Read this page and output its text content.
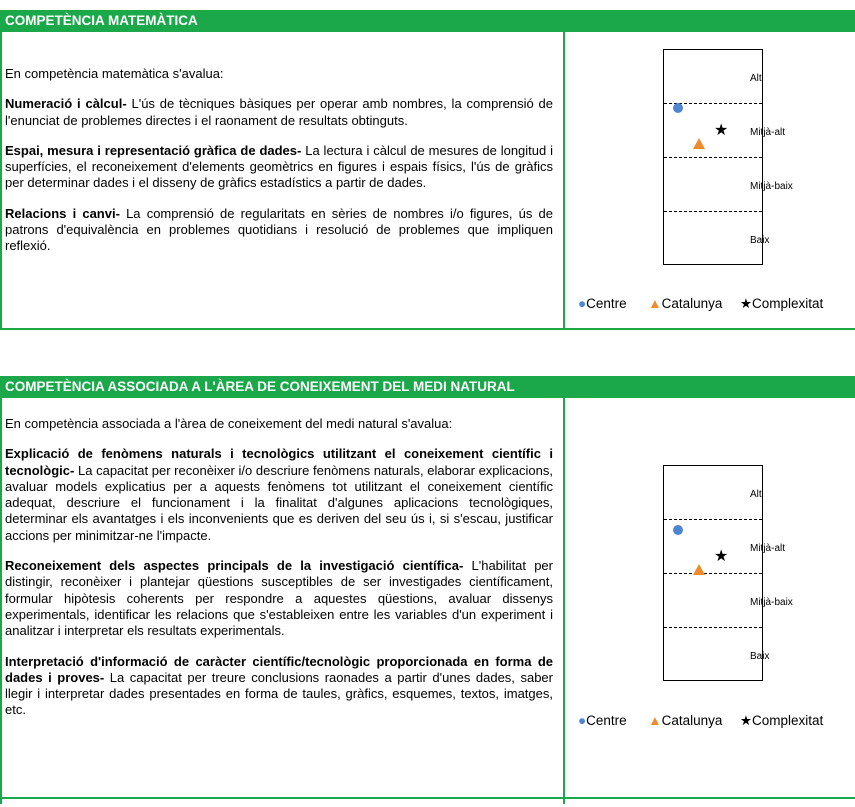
COMPETÈNCIA MATEMÀTICA

En competència matemàtica s'avalua:

Numeració i càlcul- L'ús de tècniques bàsiques per operar amb nombres, la comprensió de l'enunciat de problemes directes i el raonament de resultats obtinguts.

Espai, mesura i representació gràfica de dades- La lectura i càlcul de mesures de longitud i superfícies, el reconeixement d'elements geomètrics en figures i espais físics, l'ús de gràfics per determinar dades i el disseny de gràfics estadístics a partir de dades.

Relacions i canvi- La comprensió de regularitats en sèries de nombres i/o figures, ús de patrons d'equivalència en problemes quotidians i resolució de problemes que impliquen reflexió.

Alt
Mitjà-alt
Mitjà-baix
Baix
★
●Centre ▲Catalunya ★Complexitat
COMPETÈNCIA ASSOCIADA A L'ÀREA DE CONEIXEMENT DEL MEDI NATURAL

En competència associada a l'àrea de coneixement del medi natural s'avalua:

Explicació de fenòmens naturals i tecnològics utilitzant el coneixement científic i tecnològic- La capacitat per reconèixer i/o descriure fenòmens naturals, elaborar explicacions, avaluar models explicatius per a aquests fenòmens tot utilitzant el coneixement científic adequat, descriure el funcionament i la finalitat d'algunes aplicacions tecnològiques, determinar els avantatges i els inconvenients que es deriven del seu ús i, si s'escau, justificar accions per minimitzar-ne l'impacte.

Reconeixement dels aspectes principals de la investigació científica- L'habilitat per distingir, reconèixer i plantejar qüestions susceptibles de ser investigades científicament, formular hipòtesis coherents per respondre a aquestes qüestions, avaluar dissenys experimentals, identificar les relacions que s'estableixen entre les variables d'un experiment i analitzar i interpretar els resultats experimentals.

Interpretació d'informació de caràcter científic/tecnològic proporcionada en forma de dades i proves- La capacitat per treure conclusions raonades a partir d'unes dades, saber llegir i interpretar dades presentades en forma de taules, gràfics, esquemes, textos, imatges, etc.

Alt
Mitjà-alt
Mitjà-baix
Baix
★
●Centre ▲Catalunya ★Complexitat
